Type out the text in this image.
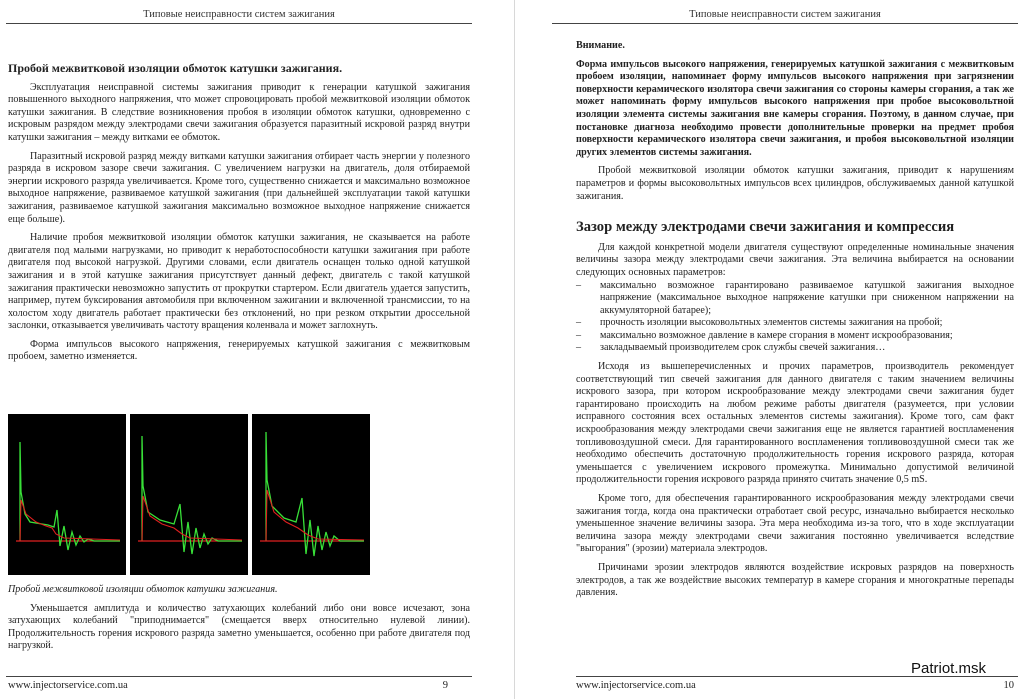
Типовые неисправности систем зажигания
Пробой межвитковой изоляции обмоток катушки зажигания.

Эксплуатация неисправной системы зажигания приводит к генерации катушкой зажигания повышенного выходного напряжения, что может спровоцировать пробой межвитковой изоляции обмоток катушки зажигания. В следствие возникновения пробоя в изоляции обмоток катушки, одновременно с искровым разрядом между электродами свечи зажигания образуется паразитный искровой разряд внутри катушки зажигания – между витками ее обмоток.

Паразитный искровой разряд между витками катушки зажигания отбирает часть энергии у полезного разряда в искровом зазоре свечи зажигания. С увеличением нагрузки на двигатель, доля отбираемой энергии искрового разряда увеличивается. Кроме того, существенно снижается и максимально возможное выходное напряжение, развиваемое катушкой зажигания (при дальнейшей эксплуатации такой катушки зажигания, развиваемое катушкой зажигания максимально возможное выходное напряжение снижается еще больше).

Наличие пробоя межвитковой изоляции обмоток катушки зажигания, не сказывается на работе двигателя под малыми нагрузками, но приводит к неработоспособности катушки зажигания при работе двигателя под высокой нагрузкой. Другими словами, если двигатель оснащен только одной катушкой зажигания и в этой катушке зажигания присутствует данный дефект, двигатель с такой катушкой зажигания практически невозможно запустить от прокрутки стартером. Если двигатель удается запустить, например, путем буксирования автомобиля при включенном зажигании и включенной трансмиссии, то на холостом ходу двигатель работает практически без отклонений, но при резком открытии дроссельной заслонки, отказывается увеличивать частоту вращения коленвала и может заглохнуть.

Форма импульсов высокого напряжения, генерируемых катушкой зажигания с межвитковым пробоем, заметно изменяется.

Пробой межвитковой изоляции обмоток катушки зажигания.

Уменьшается амплитуда и количество затухающих колебаний либо они вовсе исчезают, зона затухающих колебаний "приподнимается" (смещается вверх относительно нулевой линии). Продолжительность горения искрового разряда заметно уменьшается, особенно при работе двигателя под нагрузкой.

www.injectorservice.com.ua	9
Типовые неисправности систем зажигания

Внимание.

Форма импульсов высокого напряжения, генерируемых катушкой зажигания с межвитковым пробоем изоляции, напоминает форму импульсов высокого напряжения при загрязнении поверхности керамического изолятора свечи зажигания со стороны камеры сгорания, а так же может напоминать форму импульсов высокого напряжения при пробое высоковольтной изоляции элемента системы зажигания вне камеры сгорания. Поэтому, в данном случае, при постановке диагноза необходимо провести дополнительные проверки на предмет пробоя поверхности керамического изолятора свечи зажигания, и пробоя высоковольтной изоляции других элементов системы зажигания.

Пробой межвитковой изоляции обмоток катушки зажигания, приводит к нарушениям параметров и формы высоковольтных импульсов всех цилиндров, обслуживаемых данной катушкой зажигания.

Зазор между электродами свечи зажигания и компрессия

Для каждой конкретной модели двигателя существуют определенные номинальные значения величины зазора между электродами свечи зажигания. Эта величина выбирается на основании следующих основных параметров:

– максимально возможное гарантировано развиваемое катушкой зажигания выходное напряжение (максимальное выходное напряжение катушки при сниженном напряжении на аккумуляторной батарее);
– прочность изоляции высоковольтных элементов системы зажигания на пробой;
– максимально возможное давление в камере сгорания в момент искрообразования;
– закладываемый производителем срок службы свечей зажигания…

Исходя из вышеперечисленных и прочих параметров, производитель рекомендует соответствующий тип свечей зажигания для данного двигателя с таким значением величины искрового зазора, при котором искрообразование между электродами свечи зажигания будет гарантировано происходить на любом режиме работы двигателя (разумеется, при условии исправного состояния всех остальных элементов системы зажигания). Кроме того, сам факт искрообразования между электродами свечи зажигания еще не является гарантией воспламенения топливовоздушной смеси. Для гарантированного воспламенения топливовоздушной смеси так же необходимо обеспечить достаточную продолжительность горения искрового разряда, которая уменьшается с увеличением искрового промежутка. Минимально допустимой величиной продолжительности горения искрового разряда принято считать значение 0,5 mS.

Кроме того, для обеспечения гарантированного искрообразования между электродами свечи зажигания тогда, когда она практически отработает свой ресурс, изначально выбирается несколько уменьшенное значение величины зазора. Эта мера необходима из-за того, что в ходе эксплуатации величина зазора между электродами свечи зажигания постоянно увеличивается вследствие "выгорания" (эрозии) материала электродов.

Причинами эрозии электродов являются воздействие искровых разрядов на поверхность электродов, а так же воздействие высоких температур в камере сгорания и многократные перепады давления.

www.injectorservice.com.ua	10
Patriot.msk
